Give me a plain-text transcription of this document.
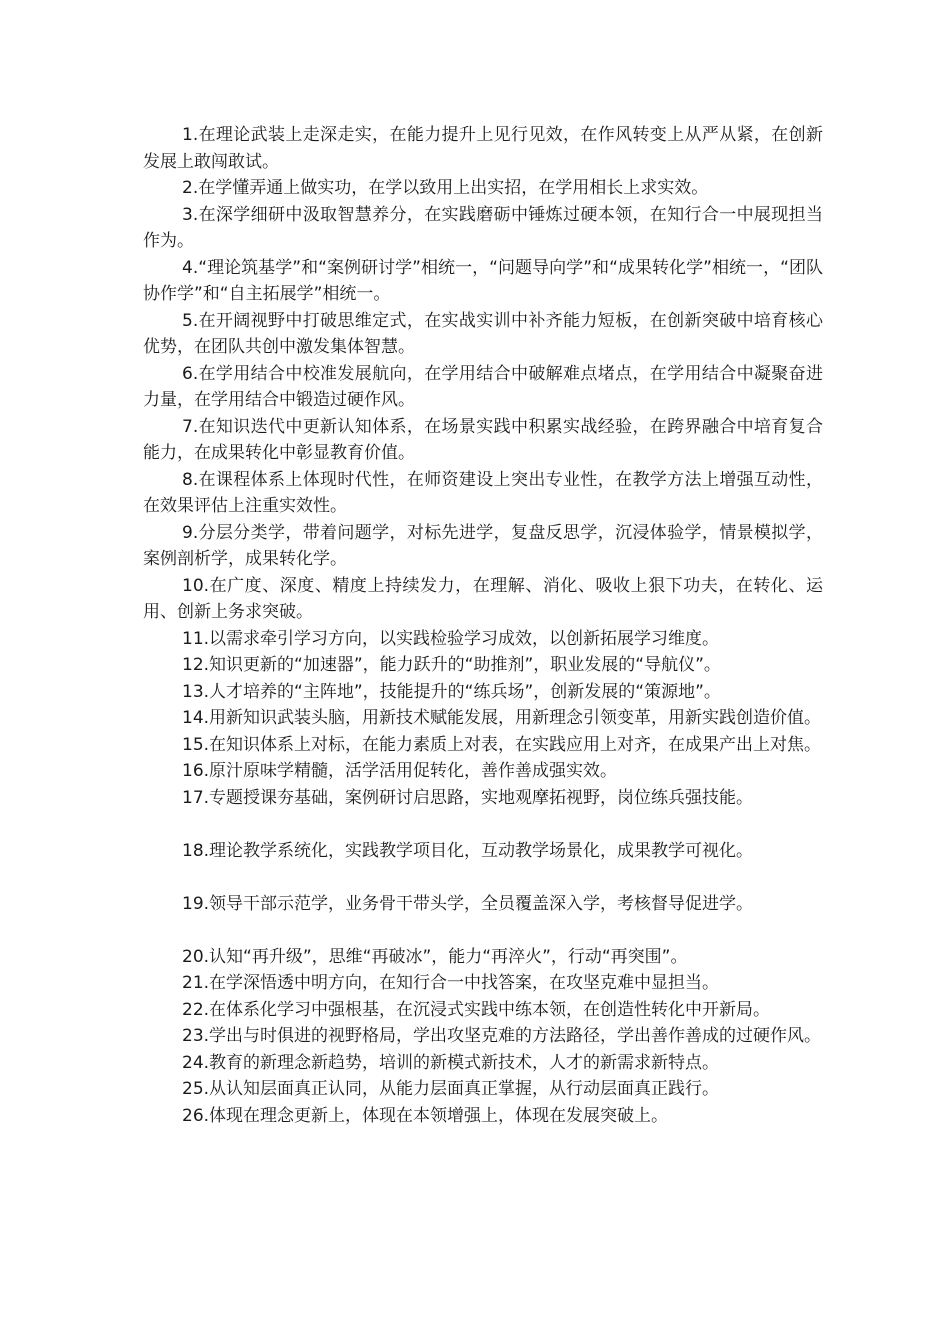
1.在理论武装上走深走实，在能力提升上见行见效，在作风转变上从严从紧，在创新发展上敢闯敢试。

2.在学懂弄通上做实功，在学以致用上出实招，在学用相长上求实效。

3.在深学细研中汲取智慧养分，在实践磨砺中锤炼过硬本领，在知行合一中展现担当作为。

4.“理论筑基学”和“案例研讨学”相统一，“问题导向学”和“成果转化学”相统一，“团队协作学”和“自主拓展学”相统一。

5.在开阔视野中打破思维定式，在实战实训中补齐能力短板，在创新突破中培育核心优势，在团队共创中激发集体智慧。

6.在学用结合中校准发展航向，在学用结合中破解难点堵点，在学用结合中凝聚奋进力量，在学用结合中锻造过硬作风。

7.在知识迭代中更新认知体系，在场景实践中积累实战经验，在跨界融合中培育复合能力，在成果转化中彰显教育价值。

8.在课程体系上体现时代性，在师资建设上突出专业性，在教学方法上增强互动性，在效果评估上注重实效性。

9.分层分类学，带着问题学，对标先进学，复盘反思学，沉浸体验学，情景模拟学，案例剖析学，成果转化学。

10.在广度、深度、精度上持续发力，在理解、消化、吸收上狠下功夫，在转化、运用、创新上务求突破。

11.以需求牵引学习方向，以实践检验学习成效，以创新拓展学习维度。

12.知识更新的“加速器”，能力跃升的“助推剂”，职业发展的“导航仪”。

13.人才培养的“主阵地”，技能提升的“练兵场”，创新发展的“策源地”。

14.用新知识武装头脑，用新技术赋能发展，用新理念引领变革，用新实践创造价值。

15.在知识体系上对标，在能力素质上对表，在实践应用上对齐，在成果产出上对焦。

16.原汁原味学精髓，活学活用促转化，善作善成强实效。

17.专题授课夯基础，案例研讨启思路，实地观摩拓视野，岗位练兵强技能。

18.理论教学系统化，实践教学项目化，互动教学场景化，成果教学可视化。

19.领导干部示范学，业务骨干带头学，全员覆盖深入学，考核督导促进学。

20.认知“再升级”，思维“再破冰”，能力“再淬火”，行动“再突围”。

21.在学深悟透中明方向，在知行合一中找答案，在攻坚克难中显担当。

22.在体系化学习中强根基，在沉浸式实践中练本领，在创造性转化中开新局。

23.学出与时俱进的视野格局，学出攻坚克难的方法路径，学出善作善成的过硬作风。

24.教育的新理念新趋势，培训的新模式新技术，人才的新需求新特点。

25.从认知层面真正认同，从能力层面真正掌握，从行动层面真正践行。

26.体现在理念更新上，体现在本领增强上，体现在发展突破上。
